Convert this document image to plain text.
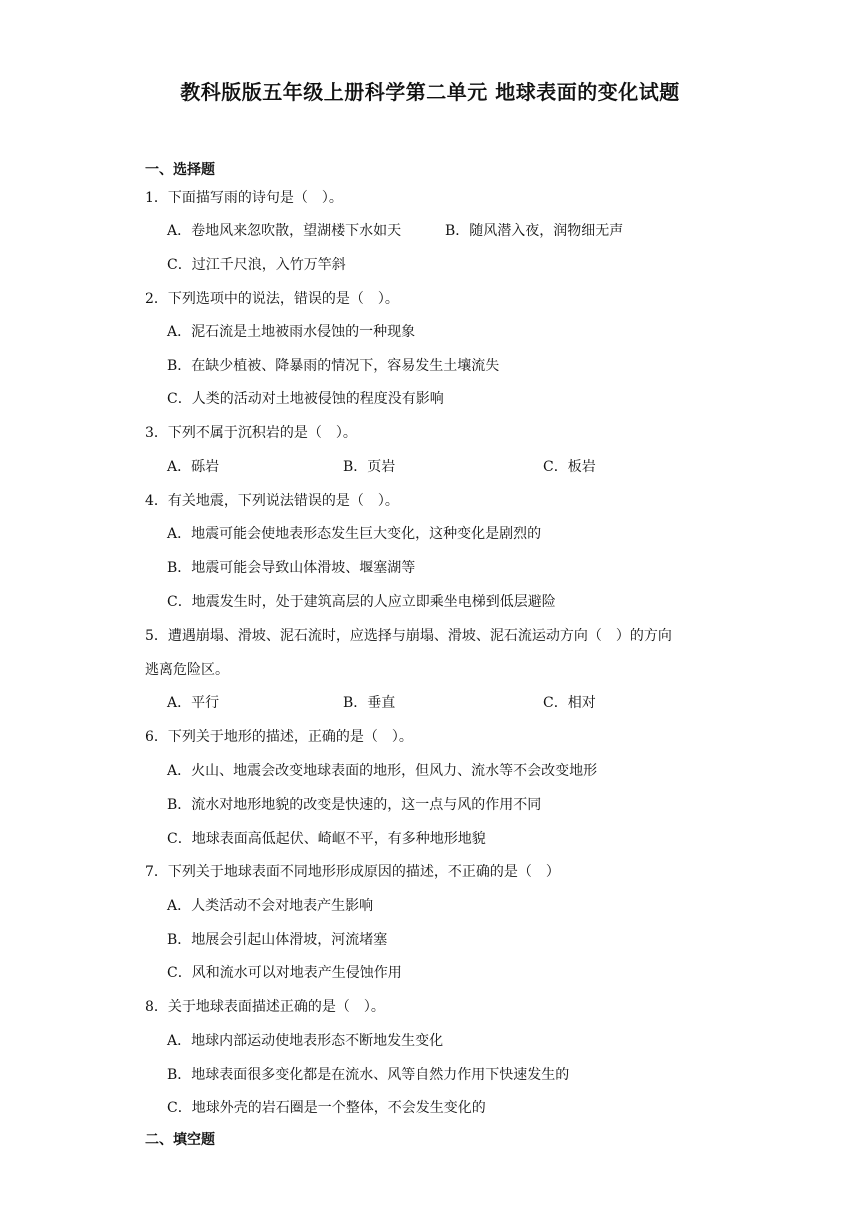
教科版版五年级上册科学第二单元 地球表面的变化试题
一、选择题
1．下面描写雨的诗句是（　）。
A．卷地风来忽吹散，望湖楼下水如天	B．随风潜入夜，润物细无声
C．过江千尺浪，入竹万竿斜
2．下列选项中的说法，错误的是（　）。
A．泥石流是土地被雨水侵蚀的一种现象
B．在缺少植被、降暴雨的情况下，容易发生土壤流失
C．人类的活动对土地被侵蚀的程度没有影响
3．下列不属于沉积岩的是（　）。
A．砾岩	B．页岩	C．板岩
4．有关地震，下列说法错误的是（　）。
A．地震可能会使地表形态发生巨大变化，这种变化是剧烈的
B．地震可能会导致山体滑坡、堰塞湖等
C．地震发生时，处于建筑高层的人应立即乘坐电梯到低层避险
5．遭遇崩塌、滑坡、泥石流时，应选择与崩塌、滑坡、泥石流运动方向（　）的方向
逃离危险区。
A．平行	B．垂直	C．相对
6．下列关于地形的描述，正确的是（　）。
A．火山、地震会改变地球表面的地形，但风力、流水等不会改变地形
B．流水对地形地貌的改变是快速的，这一点与风的作用不同
C．地球表面高低起伏、崎岖不平，有多种地形地貌
7．下列关于地球表面不同地形形成原因的描述，不正确的是（　）
A．人类活动不会对地表产生影响
B．地展会引起山体滑坡，河流堵塞
C．风和流水可以对地表产生侵蚀作用
8．关于地球表面描述正确的是（　）。
A．地球内部运动使地表形态不断地发生变化
B．地球表面很多变化都是在流水、风等自然力作用下快速发生的
C．地球外壳的岩石圈是一个整体，不会发生变化的
二、填空题
